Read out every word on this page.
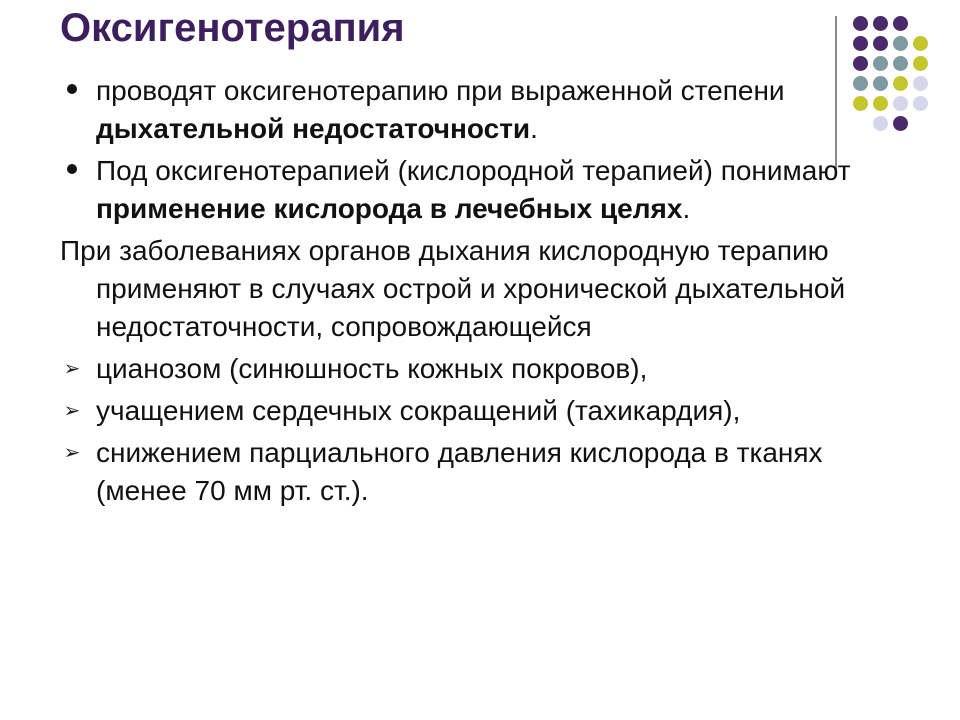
Оксигенотерапия
проводят оксигенотерапию при выраженной степени дыхательной недостаточности.
Под оксигенотерапией (кислородной терапией) понимают применение кислорода в лечебных целях.

При заболеваниях органов дыхания кислородную терапию применяют в случаях острой и хронической дыхательной недостаточности, сопровождающейся

➢ цианозом (синюшность кожных покровов),
➢ учащением сердечных сокращений (тахикардия),
➢ снижением парциального давления кислорода в тканях (менее 70 мм рт. ст.).
